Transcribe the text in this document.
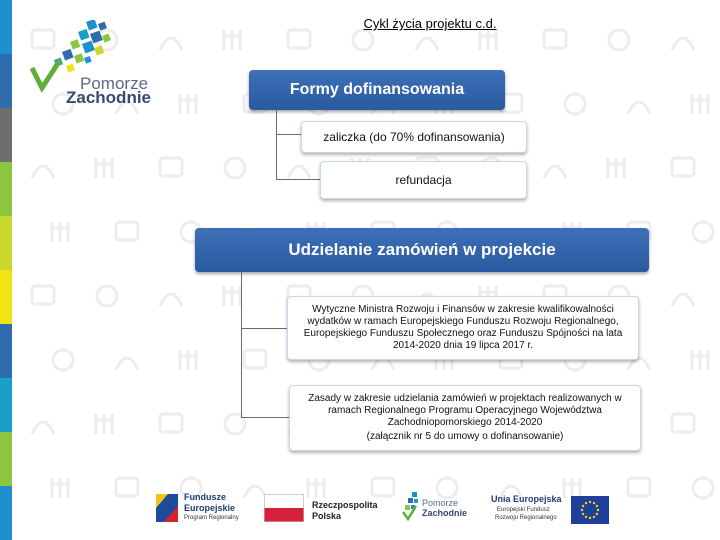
Cykl życia projektu c.d.
Pomorze
Zachodnie	Formy dofinansowania
zaliczka (do 70% dofinansowania)
refundacja
Udzielanie zamówień w projekcie
Wytyczne Ministra Rozwoju i Finansów w zakresie kwalifikowalności wydatków w ramach Europejskiego Funduszu Rozwoju Regionalnego, Europejskiego Funduszu Społecznego oraz Funduszu Spójności na lata 2014-2020 dnia 19 lipca 2017 r.
Zasady w zakresie udzielania zamówień w projektach realizowanych w ramach Regionalnego Programu Operacyjnego Województwa Zachodniopomorskiego 2014-2020
(załącznik nr 5 do umowy o dofinansowanie)
Fundusze
Europejskie
Program Regionalny
Rzeczpospolita
Polska
Pomorze
Zachodnie
Unia Europejska
Europejski Fundusz
Rozwoju Regionalnego
